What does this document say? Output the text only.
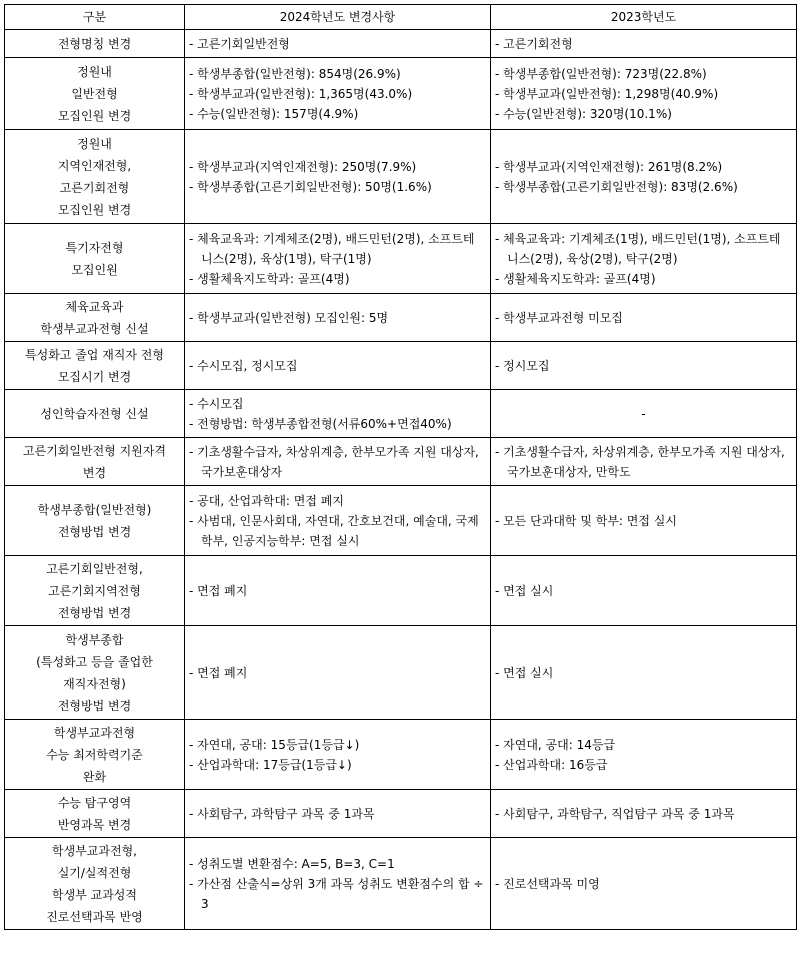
구분	2024학년도 변경사항	2023학년도

전형명칭 변경	- 고른기회일반전형	- 고른기회전형

정원내
일반전형
모집인원 변경	- 학생부종합(일반전형): 854명(26.9%)
- 학생부교과(일반전형): 1,365명(43.0%)
- 수능(일반전형): 157명(4.9%)	- 학생부종합(일반전형): 723명(22.8%)
- 학생부교과(일반전형): 1,298명(40.9%)
- 수능(일반전형): 320명(10.1%)

정원내
지역인재전형,
고른기회전형
모집인원 변경	- 학생부교과(지역인재전형): 250명(7.9%)
- 학생부종합(고른기회일반전형): 50명(1.6%)	- 학생부교과(지역인재전형): 261명(8.2%)
- 학생부종합(고른기회일반전형): 83명(2.6%)

특기자전형
모집인원	- 체육교육과: 기계체조(2명), 배드민턴(2명), 소프트테니스(2명), 육상(1명), 탁구(1명)
- 생활체육지도학과: 골프(4명)	- 체육교육과: 기계체조(1명), 배드민턴(1명), 소프트테니스(2명), 육상(2명), 탁구(2명)
- 생활체육지도학과: 골프(4명)

체육교육과
학생부교과전형 신설	- 학생부교과(일반전형) 모집인원: 5명	- 학생부교과전형 미모집

특성화고 졸업 재직자 전형
모집시기 변경	- 수시모집, 정시모집	- 정시모집

성인학습자전형 신설	- 수시모집
- 전형방법: 학생부종합전형(서류60%+면접40%)	-

고른기회일반전형 지원자격
변경	- 기초생활수급자, 차상위계층, 한부모가족 지원 대상자, 국가보훈대상자	- 기초생활수급자, 차상위계층, 한부모가족 지원 대상자, 국가보훈대상자, 만학도

학생부종합(일반전형)
전형방법 변경	- 공대, 산업과학대: 면접 폐지
- 사범대, 인문사회대, 자연대, 간호보건대, 예술대, 국제학부, 인공지능학부: 면접 실시	- 모든 단과대학 및 학부: 면접 실시

고른기회일반전형,
고른기회지역전형
전형방법 변경	- 면접 폐지	- 면접 실시

학생부종합
(특성화고 등을 졸업한
재직자전형)
전형방법 변경	- 면접 폐지	- 면접 실시

학생부교과전형
수능 최저학력기준
완화	- 자연대, 공대: 15등급(1등급↓)
- 산업과학대: 17등급(1등급↓)	- 자연대, 공대: 14등급
- 산업과학대: 16등급

수능 탐구영역
반영과목 변경	- 사회탐구, 과학탐구 과목 중 1과목	- 사회탐구, 과학탐구, 직업탐구 과목 중 1과목

학생부교과전형,
실기/실적전형
학생부 교과성적
진로선택과목 반영	- 성취도별 변환점수: A=5, B=3, C=1
- 가산점 산출식=상위 3개 과목 성취도 변환점수의 합 ÷ 3	- 진로선택과목 미영
